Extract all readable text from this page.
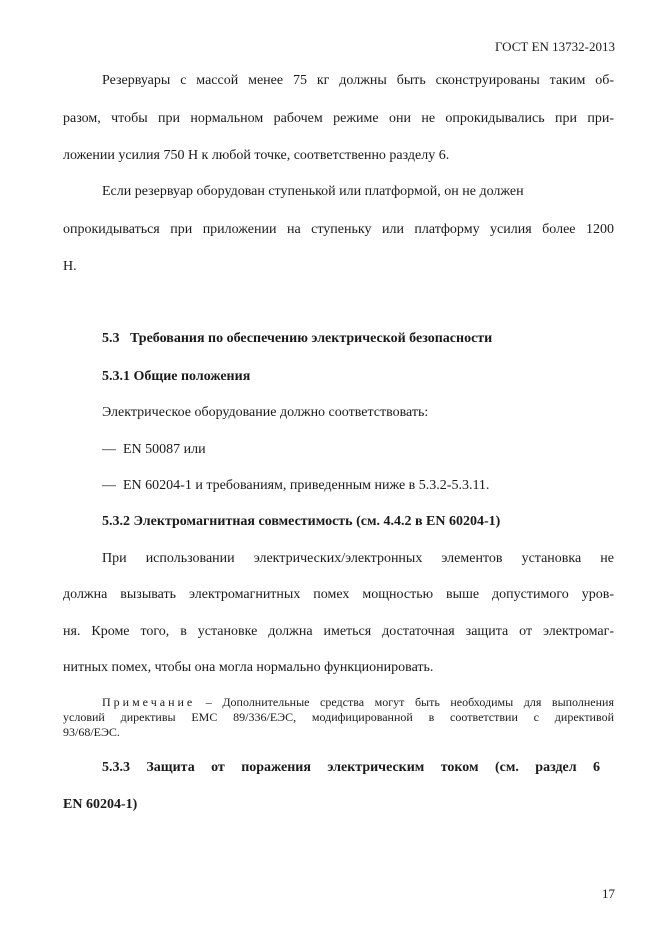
ГОСТ EN 13732-2013
Резервуары с массой менее 75 кг должны быть сконструированы таким об-
разом, чтобы при нормальном рабочем режиме они не опрокидывались при при-
ложении усилия 750 Н к любой точке, соответственно разделу 6.
Если резервуар оборудован ступенькой или платформой, он не должен
опрокидываться при приложении на ступеньку или платформу усилия более 1200
Н.
5.3   Требования по обеспечению электрической безопасности
5.3.1 Общие положения
Электрическое оборудование должно соответствовать:
—  EN 50087 или
—  EN 60204-1 и требованиям, приведенным ниже в 5.3.2-5.3.11.
5.3.2 Электромагнитная совместимость (см. 4.4.2 в EN 60204-1)
При использовании электрических/электронных элементов установка не
должна вызывать электромагнитных помех мощностью выше допустимого уров-
ня. Кроме того, в установке должна иметься достаточная защита от электромаг-
нитных помех, чтобы она могла нормально функционировать.
Примечание – Дополнительные средства могут быть необходимы для выполнения
условий директивы EMC 89/336/ЕЭС, модифицированной в соответствии с директивой
93/68/ЕЭС.
5.3.3 Защита от поражения электрическим током (см. раздел 6
EN 60204-1)
17
